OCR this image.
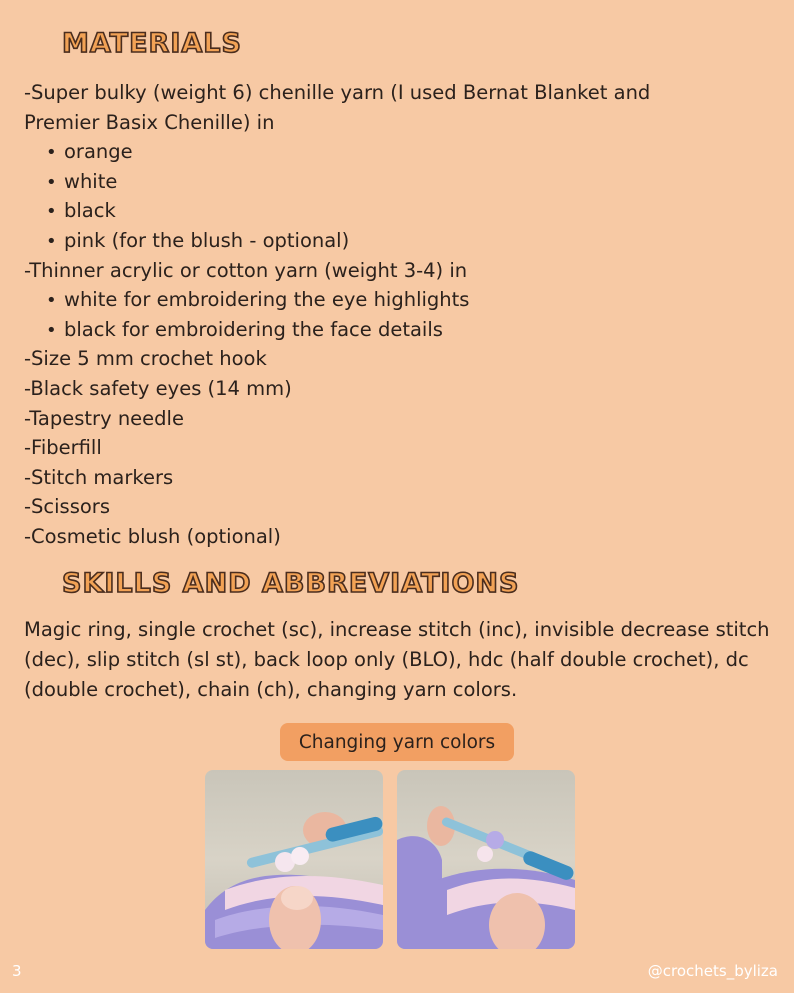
MATERIALS
-Super bulky (weight 6) chenille yarn (I used Bernat Blanket and
Premier Basix Chenille) in
• orange
• white
• black
• pink (for the blush - optional)
-Thinner acrylic or cotton yarn (weight 3-4) in
• white for embroidering the eye highlights
• black for embroidering the face details
-Size 5 mm crochet hook
-Black safety eyes (14 mm)
-Tapestry needle
-Fiberfill
-Stitch markers
-Scissors
-Cosmetic blush (optional)
SKILLS AND ABBREVIATIONS

Magic ring, single crochet (sc), increase stitch (inc), invisible decrease stitch (dec), slip stitch (sl st), back loop only (BLO), hdc (half double crochet), dc (double crochet), chain (ch), changing yarn colors.

Changing yarn colors
3	@crochets_byliza
